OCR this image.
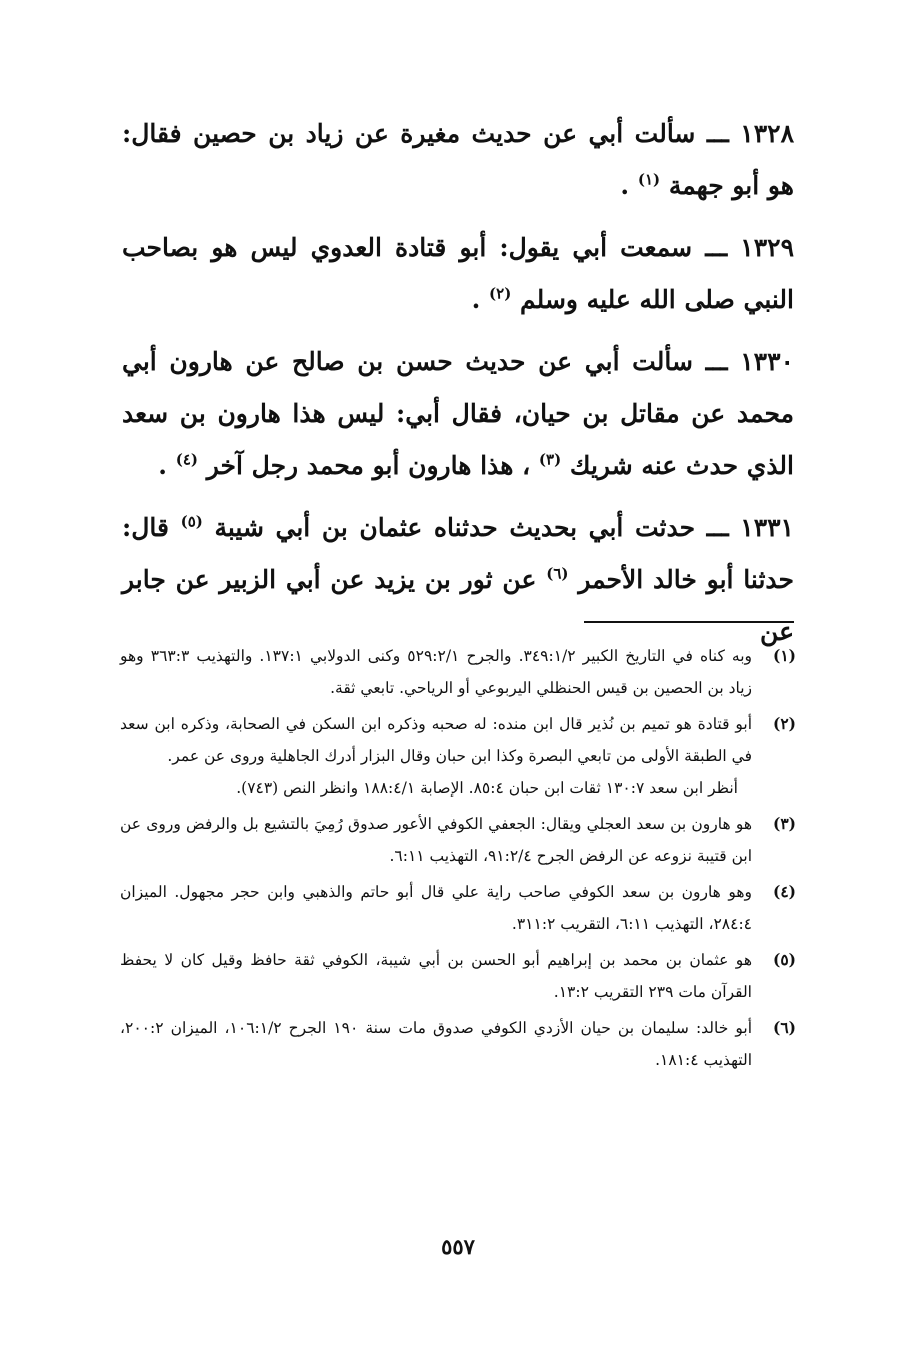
١٣٢٨ ـــ سألت أبي عن حديث مغيرة عن زياد بن حصين فقال: هو أبو جهمة $^{(١)}$ .

١٣٢٩ ـــ سمعت أبي يقول: أبو قتادة العدوي ليس هو بصاحب النبي صلى الله عليه وسلم $^{(٢)}$ .

١٣٣٠ ـــ سألت أبي عن حديث حسن بن صالح عن هارون أبي محمد عن مقاتل بن حيان، فقال أبي: ليس هذا هارون بن سعد الذي حدث عنه شريك $^{(٣)}$ ، هذا هارون أبو محمد رجل آخر $^{(٤)}$ .

١٣٣١ ـــ حدثت أبي بحديث حدثناه عثمان بن أبي شيبة $^{(٥)}$ قال: حدثنا أبو خالد الأحمر $^{(٦)}$ عن ثور بن يزيد عن أبي الزبير عن جابر عن

(١)
وبه كناه في التاريخ الكبير ٣٤٩:١/٢. والجرح ٥٢٩:٢/١ وكنى الدولابي ١٣٧:١. والتهذيب ٣٦٣:٣ وهو زياد بن الحصين بن قيس الحنظلي اليربوعي أو الرياحي. تابعي ثقة.
(٢)
أبو قتادة هو تميم بن نُذير قال ابن منده: له صحبه وذكره ابن السكن في الصحابة، وذكره ابن سعد في الطبقة الأولى من تابعي البصرة وكذا ابن حبان وقال البزار أدرك الجاهلية وروى عن عمر.
أنظر ابن سعد ١٣٠:٧ ثقات ابن حبان ٨٥:٤. الإصابة ١٨٨:٤/١ وانظر النص (٧٤٣).
(٣)
هو هارون بن سعد العجلي ويقال: الجعفي الكوفي الأعور صدوق رُمِيَ بالتشيع بل والرفض وروى عن ابن قتيبة نزوعه عن الرفض الجرح ٩١:٢/٤، التهذيب ٦:١١.
(٤)
وهو هارون بن سعد الكوفي صاحب راية علي قال أبو حاتم والذهبي وابن حجر مجهول. الميزان ٢٨٤:٤، التهذيب ٦:١١، التقريب ٣١١:٢.
(٥)
هو عثمان بن محمد بن إبراهيم أبو الحسن بن أبي شيبة، الكوفي ثقة حافظ وقيل كان لا يحفظ القرآن مات ٢٣٩ التقريب ١٣:٢.
(٦)
أبو خالد: سليمان بن حيان الأزدي الكوفي صدوق مات سنة ١٩٠ الجرح ١٠٦:١/٢، الميزان ٢٠٠:٢، التهذيب ١٨١:٤.
٥٥٧
